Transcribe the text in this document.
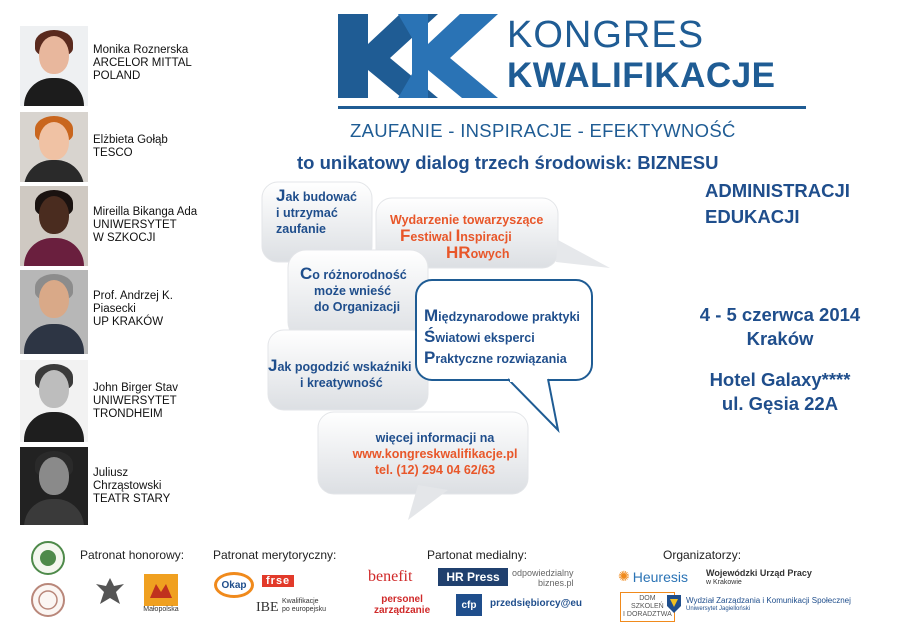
Monika Roznerska
ARCELOR MITTAL
POLAND
Elżbieta Gołąb
TESCO
Mireilla Bikanga Ada
UNIWERSYTET
W SZKOCJI
Prof. Andrzej K.
Piasecki
UP KRAKÓW
John Birger Stav
UNIWERSYTET
TRONDHEIM
Juliusz
Chrząstowski
TEATR STARY
KONGRES
KWALIFIKACJE
ZAUFANIE - INSPIRACJE - EFEKTYWNOŚĆ
to unikatowy dialog trzech środowisk: BIZNESU
ADMINISTRACJI
EDUKACJI
Jak budować
i utrzymać
zaufanie
Wydarzenie towarzyszące
Festiwal Inspiracji
HRowych
Co różnorodność
może wnieść
do Organizacji	Międzynarodowe praktyki
Światowi eksperci
Praktyczne rozwiązania
Jak pogodzić wskaźniki
i kreatywność
więcej informacji na
www.kongreskwalifikacje.pl
tel. (12) 294 04 62/63
4 - 5 czerwca 2014
Kraków
Hotel Galaxy****
ul. Gęsia 22A
Patronat honorowy: Patronat merytoryczny:	Partonat medialny:	Organizatorzy:
Małopolska
Okap	frse
IBE Kwalifikacje
po europejsku
benefit	HR Press odpowiedzialny
biznes.pl
personel
zarządzanie	cfp przedsiębiorcy@eu
✺ Heuresis Wojewódzki Urząd Pracy
w Krakowie
DOM
SZKOLEŃ
I DORADZTWA
Wydział Zarządzania i Komunikacji Społecznej
Uniwersytet Jagielloński
